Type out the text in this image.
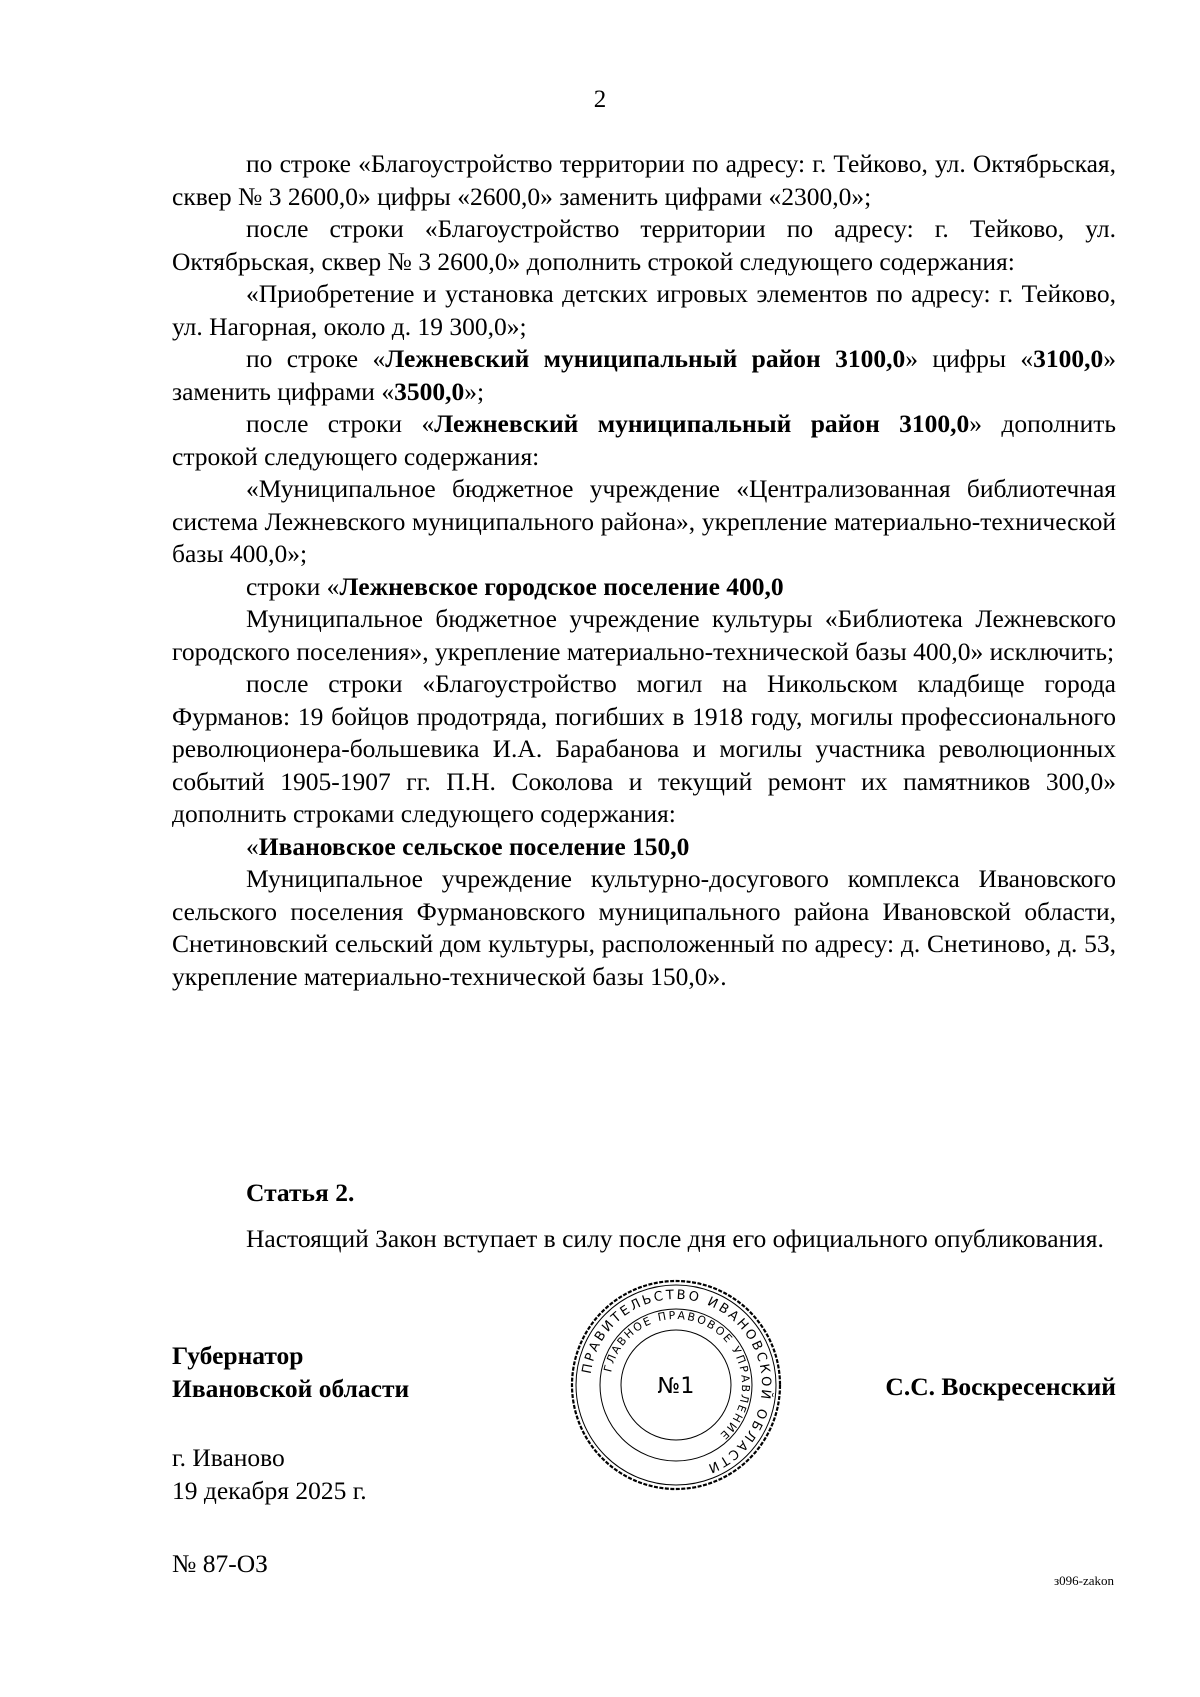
2

по строке «Благоустройство территории по адресу: г. Тейково, ул. Октябрьская, сквер № 3 2600,0» цифры «2600,0» заменить цифрами «2300,0»;

после строки «Благоустройство территории по адресу: г. Тейково, ул. Октябрьская, сквер № 3 2600,0» дополнить строкой следующего содержания:

«Приобретение и установка детских игровых элементов по адресу: г. Тейково, ул. Нагорная, около д. 19 300,0»;

по строке «Лежневский муниципальный район 3100,0» цифры «3100,0» заменить цифрами «3500,0»;

после строки «Лежневский муниципальный район 3100,0» дополнить строкой следующего содержания:

«Муниципальное бюджетное учреждение «Централизованная библиотечная система Лежневского муниципального района», укрепление материально-технической базы 400,0»;

строки «Лежневское городское поселение 400,0

Муниципальное бюджетное учреждение культуры «Библиотека Лежневского городского поселения», укрепление материально-технической базы 400,0» исключить;

после строки «Благоустройство могил на Никольском кладбище города Фурманов: 19 бойцов продотряда, погибших в 1918 году, могилы профессионального революционера-большевика И.А. Барабанова и могилы участника революционных событий 1905-1907 гг. П.Н. Соколова и текущий ремонт их памятников 300,0» дополнить строками следующего содержания:

«Ивановское сельское поселение 150,0

Муниципальное учреждение культурно-досугового комплекса Ивановского сельского поселения Фурмановского муниципального района Ивановской области, Снетиновский сельский дом культуры, расположенный по адресу: д. Снетиново, д. 53, укрепление материально-технической базы 150,0».

Статья 2.

Настоящий Закон вступает в силу после дня его официального опубликования.

Губернатор
Ивановской области
ПРАВИТЕЛЬСТВО ИВАНОВСКОЙ ОБЛАСТИ
ГЛАВНОЕ ПРАВОВОЕ УПРАВЛЕНИЕ
№1	С.С. Воскресенский
г. Иваново
19 декабря 2025 г.
№ 87-ОЗ
з096-zakon
